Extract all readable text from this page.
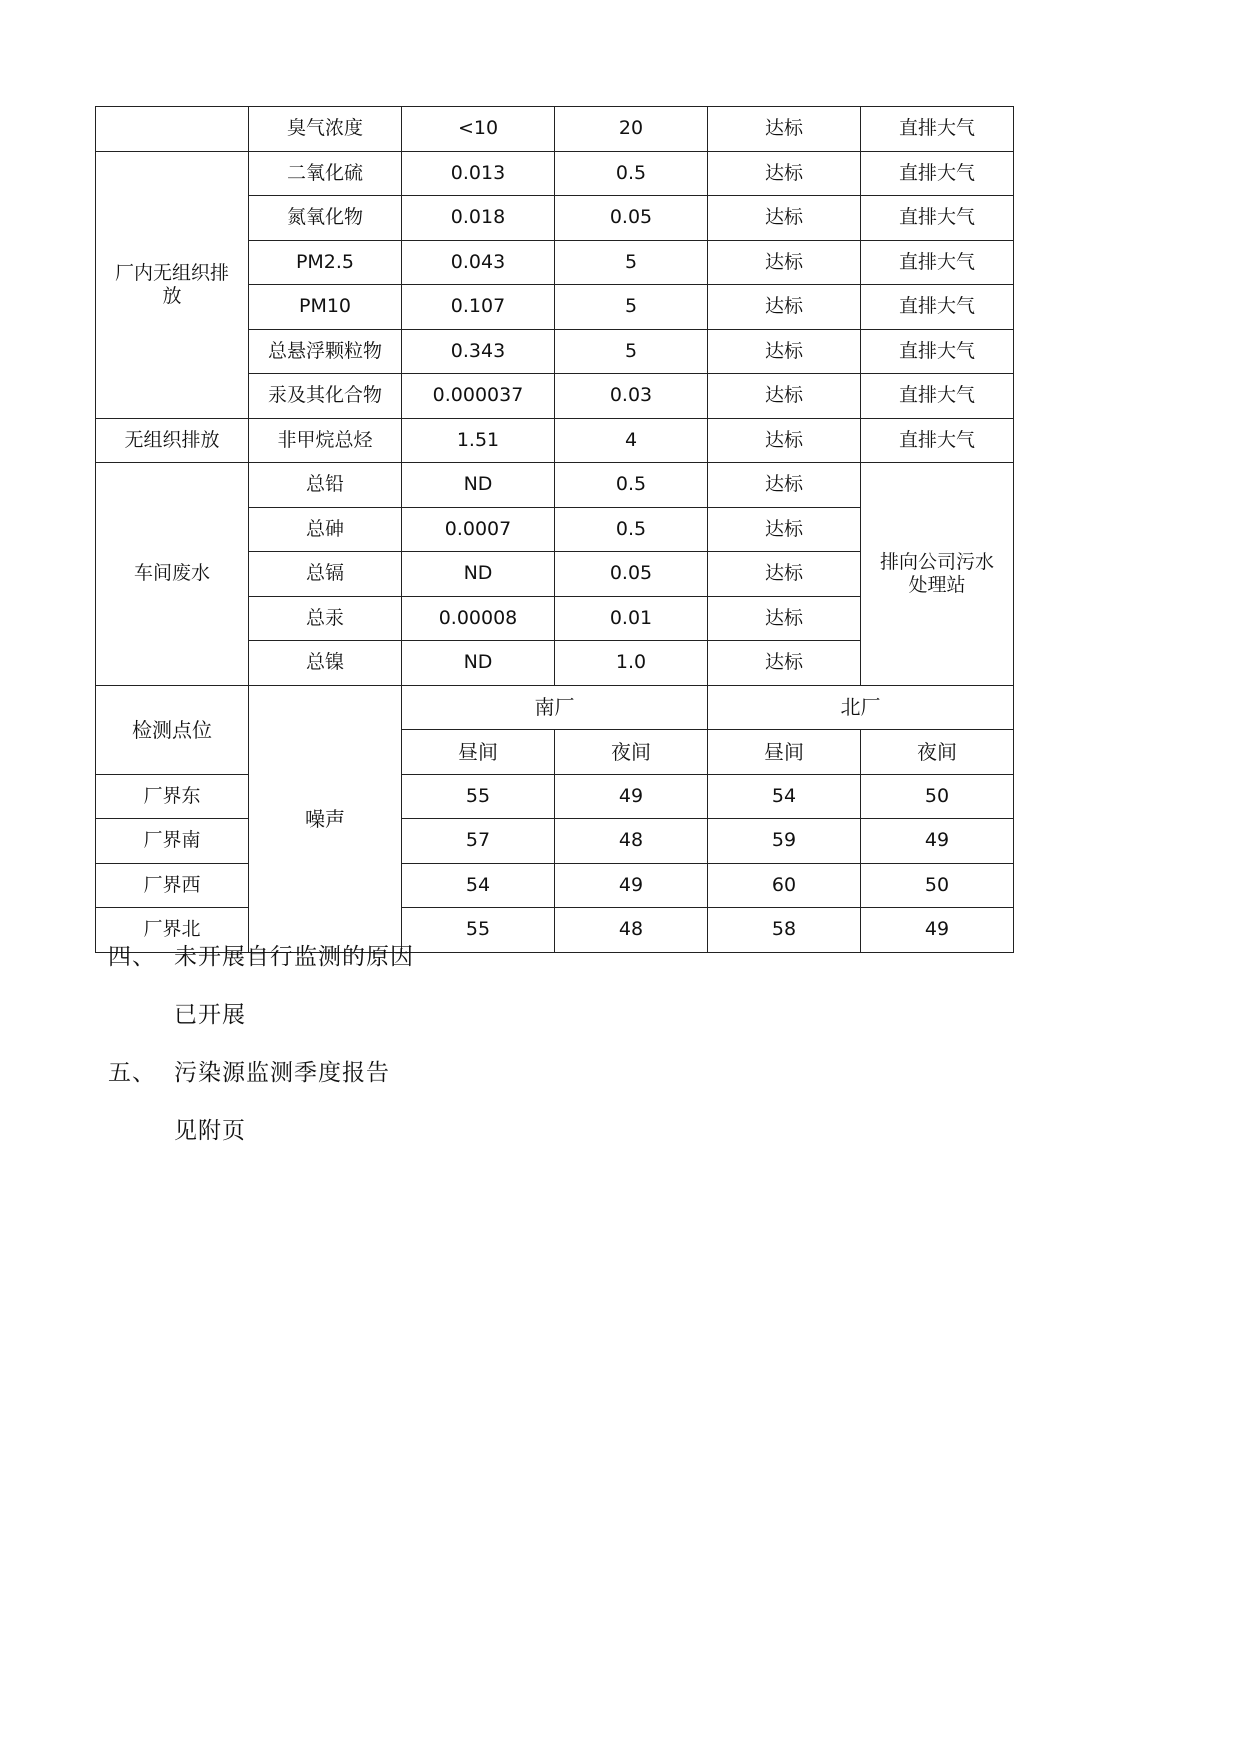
	臭气浓度	<10	20	达标	直排大气
厂内无组织排放	二氧化硫	0.013	0.5	达标	直排大气
	氮氧化物	0.018	0.05	达标	直排大气
	PM2.5	0.043	5	达标	直排大气
	PM10	0.107	5	达标	直排大气
	总悬浮颗粒物	0.343	5	达标	直排大气
	汞及其化合物	0.000037	0.03	达标	直排大气
无组织排放	非甲烷总烃	1.51	4	达标	直排大气
车间废水	总铅	ND	0.5	达标	排向公司污水处理站
	总砷	0.0007	0.5	达标	
	总镉	ND	0.05	达标	
	总汞	0.00008	0.01	达标	
	总镍	ND	1.0	达标	
检测点位	噪声	南厂		北厂	
		昼间	夜间	昼间	夜间
厂界东		55	49	54	50
厂界南		57	48	59	49
厂界西		54	49	60	50
厂界北		55	48	58	49
四、 未开展自行监测的原因
已开展
五、 污染源监测季度报告
见附页
